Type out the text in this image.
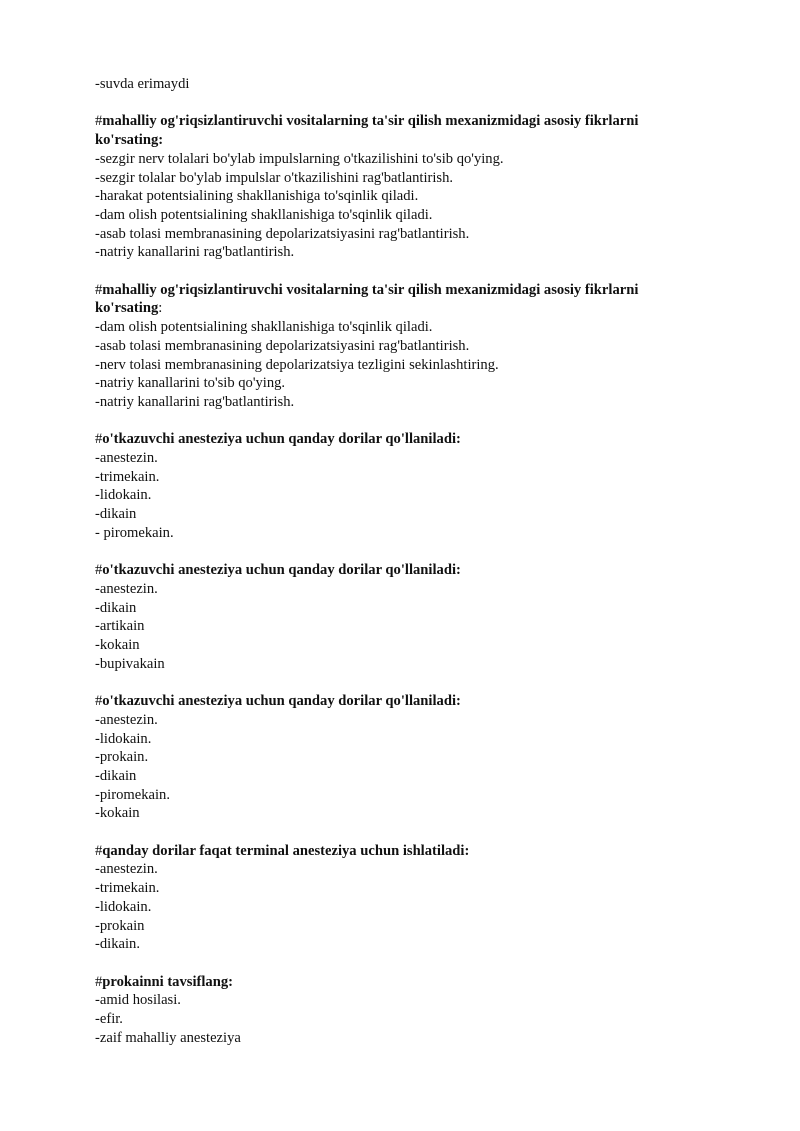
-suvda erimaydi

#mahalliy og'riqsizlantiruvchi vositalarning ta'sir qilish mexanizmidagi asosiy fikrlarni ko'rsating:

-sezgir nerv tolalari bo'ylab impulslarning o'tkazilishini to'sib qo'ying.

-sezgir tolalar bo'ylab impulslar o'tkazilishini rag'batlantirish.

-harakat potentsialining shakllanishiga to'sqinlik qiladi.

-dam olish potentsialining shakllanishiga to'sqinlik qiladi.

-asab tolasi membranasining depolarizatsiyasini rag'batlantirish.

-natriy kanallarini rag'batlantirish.

#mahalliy og'riqsizlantiruvchi vositalarning ta'sir qilish mexanizmidagi asosiy fikrlarni ko'rsating:

-dam olish potentsialining shakllanishiga to'sqinlik qiladi.

-asab tolasi membranasining depolarizatsiyasini rag'batlantirish.

-nerv tolasi membranasining depolarizatsiya tezligini sekinlashtiring.

-natriy kanallarini to'sib qo'ying.

-natriy kanallarini rag'batlantirish.

#o'tkazuvchi anesteziya uchun qanday dorilar qo'llaniladi:

-anestezin.

-trimekain.

-lidokain.

-dikain

- piromekain.

#o'tkazuvchi anesteziya uchun qanday dorilar qo'llaniladi:

-anestezin.

-dikain

-artikain

-kokain

-bupivakain

#o'tkazuvchi anesteziya uchun qanday dorilar qo'llaniladi:

-anestezin.

-lidokain.

-prokain.

-dikain

-piromekain.

-kokain

#qanday dorilar faqat terminal anesteziya uchun ishlatiladi:

-anestezin.

-trimekain.

-lidokain.

-prokain

-dikain.

#prokainni tavsiflang:

-amid hosilasi.

-efir.

-zaif mahalliy anesteziya
